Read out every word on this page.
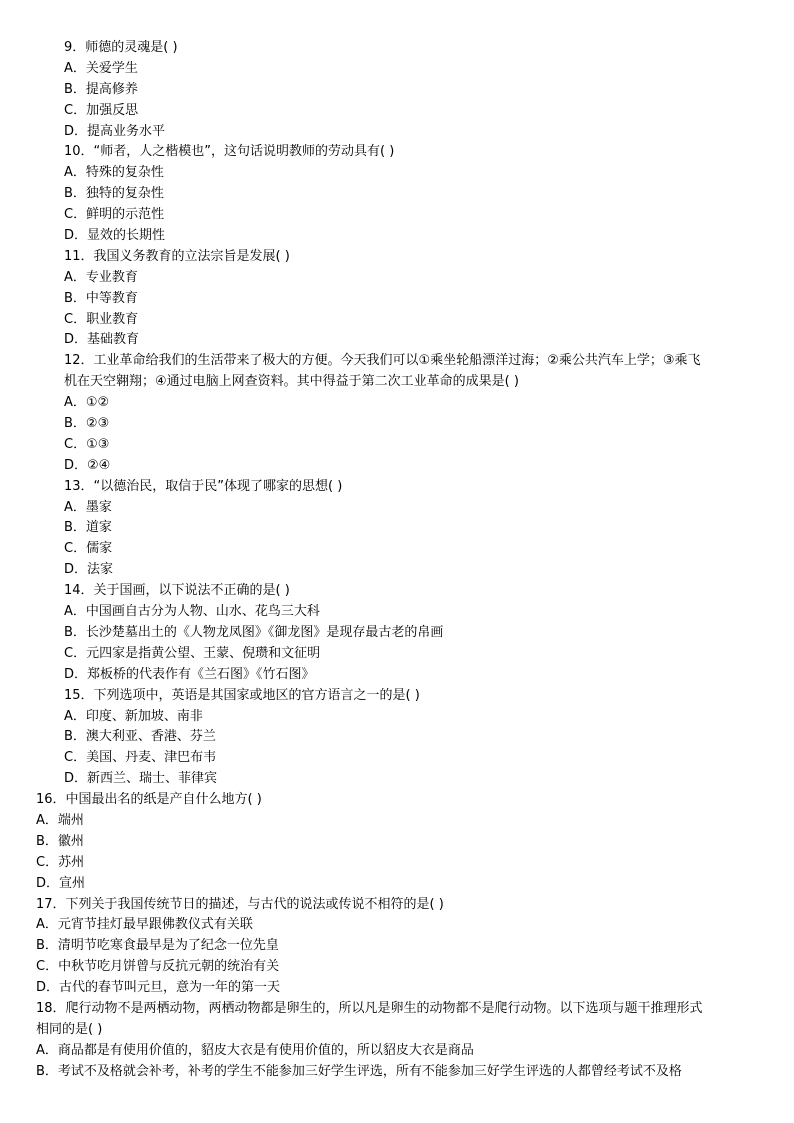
9．师德的灵魂是( )
A．关爱学生
B．提高修养
C．加强反思
D．提高业务水平
10．“师者，人之楷模也”，这句话说明教师的劳动具有( )
A．特殊的复杂性
B．独特的复杂性
C．鲜明的示范性
D．显效的长期性
11．我国义务教育的立法宗旨是发展( )
A．专业教育
B．中等教育
C．职业教育
D．基础教育
12．工业革命给我们的生活带来了极大的方便。今天我们可以①乘坐轮船漂洋过海；②乘公共汽车上学；③乘飞
机在天空翱翔；④通过电脑上网查资料。其中得益于第二次工业革命的成果是( )
A．①②
B．②③
C．①③
D．②④
13．“以德治民，取信于民”体现了哪家的思想( )
A．墨家
B．道家
C．儒家
D．法家
14．关于国画，以下说法不正确的是( )
A．中国画自古分为人物、山水、花鸟三大科
B．长沙楚墓出土的《人物龙凤图》《御龙图》是现存最古老的帛画
C．元四家是指黄公望、王蒙、倪瓒和文征明
D．郑板桥的代表作有《兰石图》《竹石图》
15．下列选项中，英语是其国家或地区的官方语言之一的是( )
A．印度、新加坡、南非
B．澳大利亚、香港、芬兰
C．美国、丹麦、津巴布韦
D．新西兰、瑞士、菲律宾
16．中国最出名的纸是产自什么地方( )
A．端州
B．徽州
C．苏州
D．宣州
17．下列关于我国传统节日的描述，与古代的说法或传说不相符的是( )
A．元宵节挂灯最早跟佛教仪式有关联
B．清明节吃寒食最早是为了纪念一位先皇
C．中秋节吃月饼曾与反抗元朝的统治有关
D．古代的春节叫元旦，意为一年的第一天
18．爬行动物不是两栖动物，两栖动物都是卵生的，所以凡是卵生的动物都不是爬行动物。以下选项与题干推理形式
相同的是( )
A．商品都是有使用价值的，貂皮大衣是有使用价值的，所以貂皮大衣是商品
B．考试不及格就会补考，补考的学生不能参加三好学生评选，所有不能参加三好学生评选的人都曾经考试不及格
